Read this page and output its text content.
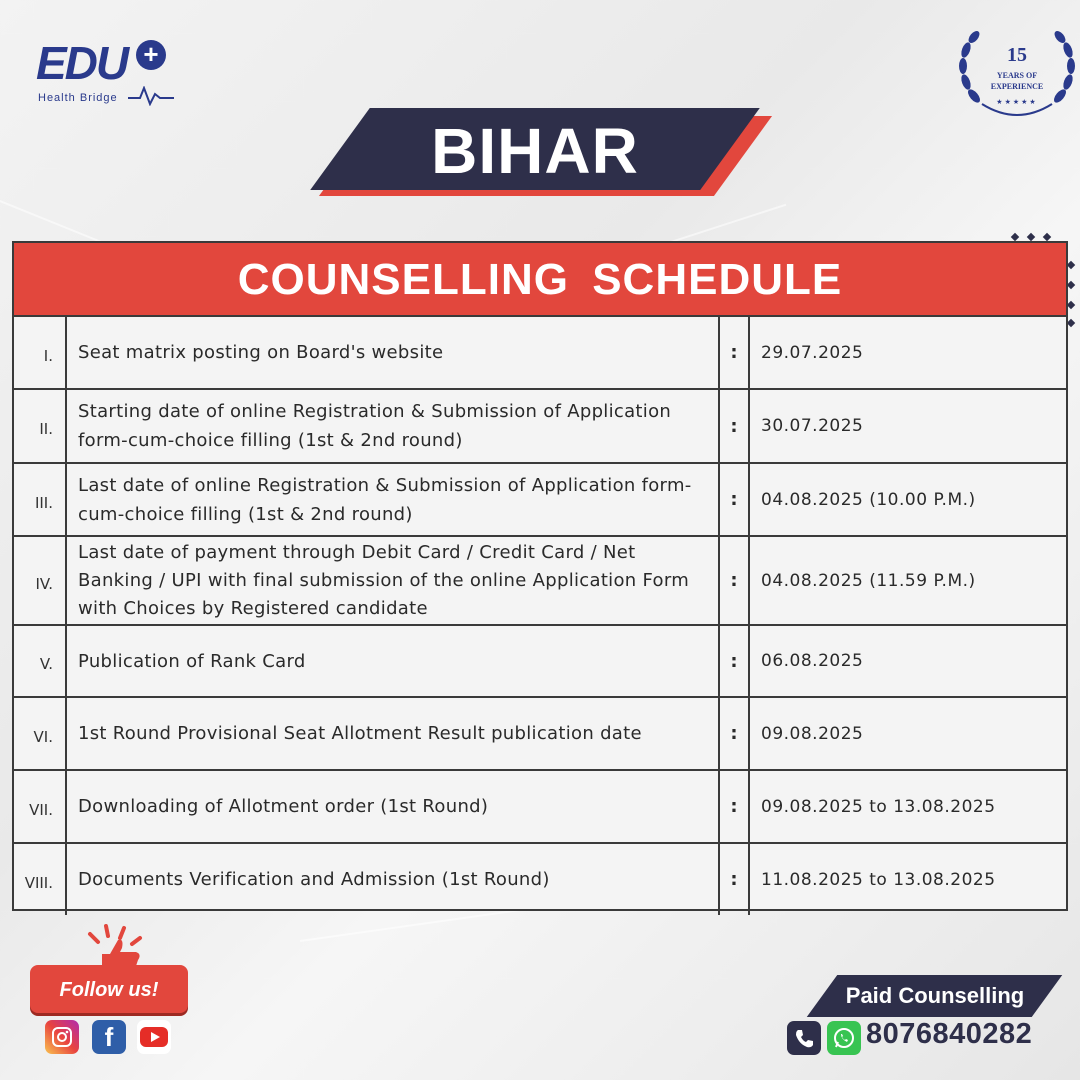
EDU +
Health Bridge
15
YEARS OF
EXPERIENCE
★★★★★
BIHAR
COUNSELLING SCHEDULE
I.	Seat matrix posting on Board's website	:	29.07.2025
II.
Starting date of online Registration & Submission of Application form-cum-choice filling (1st & 2nd round)
:	30.07.2025
III.
Last date of online Registration & Submission of Application form-cum-choice filling (1st & 2nd round)
:	04.08.2025 (10.00 P.M.)
IV.
Last date of payment through Debit Card / Credit Card / Net Banking / UPI with final submission of the online Application Form with Choices by Registered candidate
:	04.08.2025 (11.59 P.M.)
V.	Publication of Rank Card	:	06.08.2025
VI.	1st Round Provisional Seat Allotment Result publication date	:	09.08.2025
VII.	Downloading of Allotment order (1st Round)	:	09.08.2025 to 13.08.2025
VIII.	Documents Verification and Admission (1st Round)	:	11.08.2025 to 13.08.2025
Follow us!
f
Paid Counselling
8076840282
